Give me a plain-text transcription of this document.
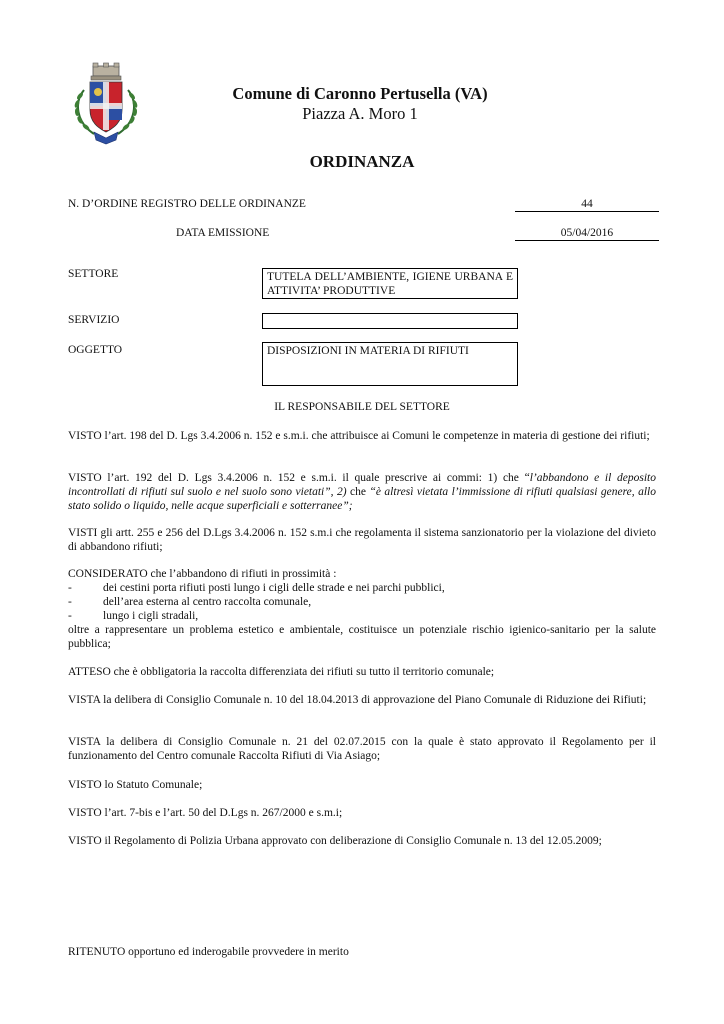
Comune di Caronno Pertusella (VA)
Piazza A. Moro 1
ORDINANZA
N. D’ORDINE REGISTRO DELLE ORDINANZE	44
DATA EMISSIONE	05/04/2016
SETTORE	TUTELA DELL’AMBIENTE, IGIENE URBANA E ATTIVITA’ PRODUTTIVE
SERVIZIO
OGGETTO	DISPOSIZIONI IN MATERIA DI RIFIUTI
IL RESPONSABILE DEL SETTORE

VISTO l’art. 198 del D. Lgs 3.4.2006 n. 152 e s.m.i. che attribuisce ai Comuni le competenze in materia di gestione dei rifiuti;

VISTO l’art. 192 del D. Lgs 3.4.2006 n. 152 e s.m.i. il quale prescrive ai commi: 1) che “l’abbandono e il deposito incontrollati di rifiuti sul suolo e nel suolo sono vietati”, 2) che “è altresì vietata l’immissione di rifiuti qualsiasi genere, allo stato solido o liquido, nelle acque superficiali e sotterranee”;

VISTI gli artt. 255 e 256 del D.Lgs 3.4.2006 n. 152 s.m.i che regolamenta il sistema sanzionatorio per la violazione del divieto di abbandono rifiuti;

CONSIDERATO che l’abbandono di rifiuti in prossimità :

-	dei cestini porta rifiuti posti lungo i cigli delle strade e nei parchi pubblici,

-	dell’area esterna al centro raccolta comunale,

-	lungo i cigli stradali,

oltre a rappresentare un problema estetico e ambientale, costituisce un potenziale rischio igienico-sanitario per la salute pubblica;

ATTESO che è obbligatoria la raccolta differenziata dei rifiuti su tutto il territorio comunale;

VISTA la delibera di Consiglio Comunale n. 10 del 18.04.2013 di approvazione del Piano Comunale di Riduzione dei Rifiuti;

VISTA la delibera di Consiglio Comunale n. 21 del 02.07.2015 con la quale è stato approvato il Regolamento per il funzionamento del Centro comunale Raccolta Rifiuti di Via Asiago;

VISTO lo Statuto Comunale;

VISTO l’art. 7-bis e l’art. 50 del D.Lgs n. 267/2000 e s.m.i;

VISTO il Regolamento di Polizia Urbana approvato con deliberazione di Consiglio Comunale n. 13 del 12.05.2009;

RITENUTO opportuno ed inderogabile provvedere in merito
